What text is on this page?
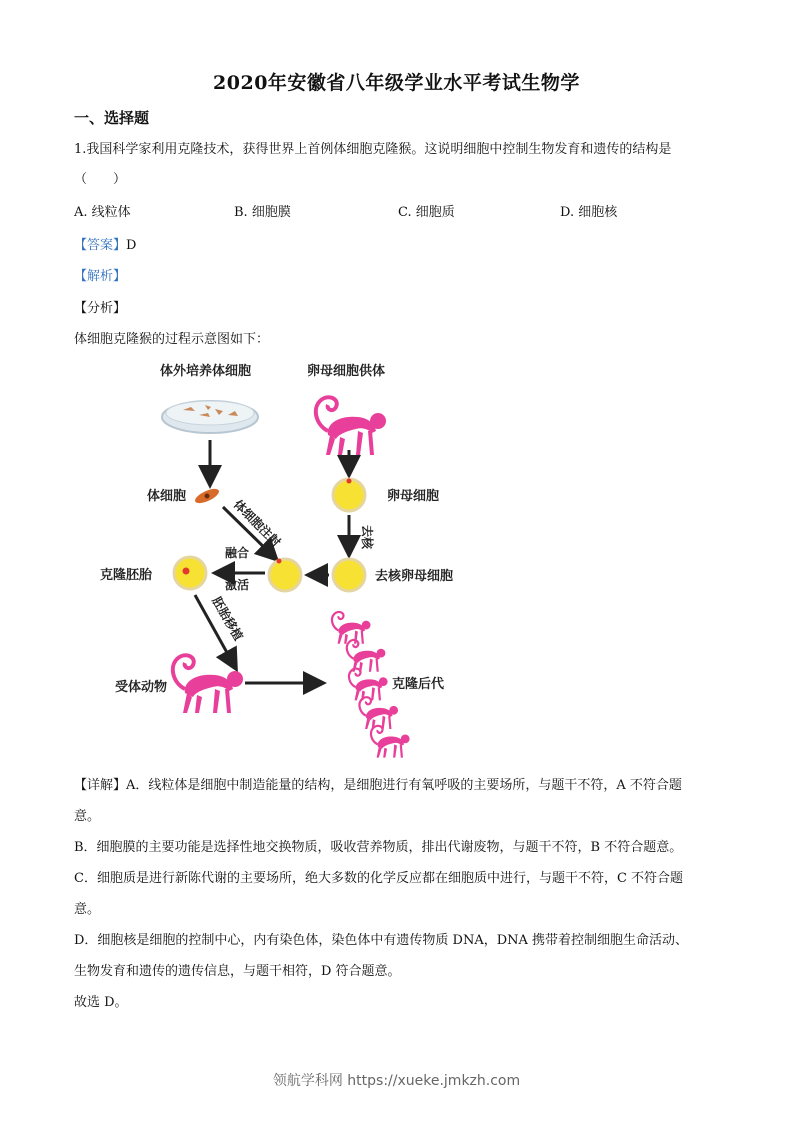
2020年安徽省八年级学业水平考试生物学
一、选择题
1.我国科学家利用克隆技术，获得世界上首例体细胞克隆猴。这说明细胞中控制生物发育和遗传的结构是
（　　）
A. 线粒体	B. 细胞膜	C. 细胞质	D. 细胞核
【答案】D
【解析】
【分析】
体细胞克隆猴的过程示意图如下：
体外培养体细胞	卵母细胞供体
体细胞	卵母细胞
去核
体细胞注射
去核卵母细胞
融合
激活
克隆胚胎
胚胎移植
受体动物	克隆后代
【详解】A．线粒体是细胞中制造能量的结构，是细胞进行有氧呼吸的主要场所，与题干不符，A 不符合题
意。
B．细胞膜的主要功能是选择性地交换物质，吸收营养物质，排出代谢废物，与题干不符，B 不符合题意。
C．细胞质是进行新陈代谢的主要场所，绝大多数的化学反应都在细胞质中进行，与题干不符，C 不符合题
意。
D．细胞核是细胞的控制中心，内有染色体，染色体中有遗传物质 DNA，DNA 携带着控制细胞生命活动、
生物发育和遗传的遗传信息，与题干相符，D 符合题意。
故选 D。
领航学科网 https://xueke.jmkzh.com
